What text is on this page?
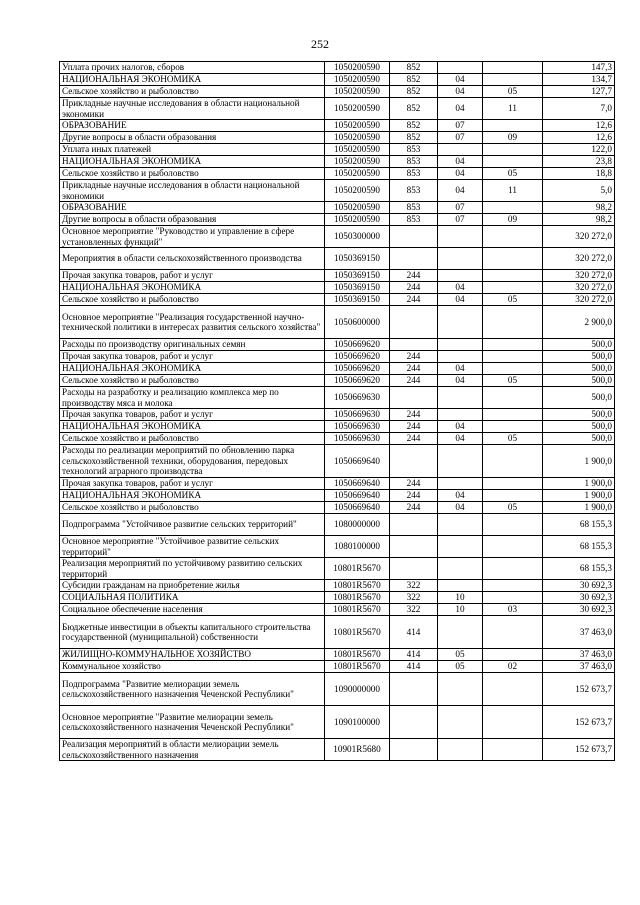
252
Уплата прочих налогов, сборов	1050200590	852			147,3
НАЦИОНАЛЬНАЯ ЭКОНОМИКА	1050200590	852	04		134,7
Сельское хозяйство и рыболовство	1050200590	852	04	05	127,7
Прикладные научные исследования в области национальной экономики	1050200590	852	04	11	7,0
ОБРАЗОВАНИЕ	1050200590	852	07		12,6
Другие вопросы в области образования	1050200590	852	07	09	12,6
Уплата иных платежей	1050200590	853			122,0
НАЦИОНАЛЬНАЯ ЭКОНОМИКА	1050200590	853	04		23,8
Сельское хозяйство и рыболовство	1050200590	853	04	05	18,8
Прикладные научные исследования в области национальной экономики	1050200590	853	04	11	5,0
ОБРАЗОВАНИЕ	1050200590	853	07		98,2
Другие вопросы в области образования	1050200590	853	07	09	98,2
Основное мероприятие "Руководство и управление в сфере установленных функций"	1050300000				320 272,0
Мероприятия в области сельскохозяйственного производства	1050369150				320 272,0
Прочая закупка товаров, работ и услуг	1050369150	244			320 272,0
НАЦИОНАЛЬНАЯ ЭКОНОМИКА	1050369150	244	04		320 272,0
Сельское хозяйство и рыболовство	1050369150	244	04	05	320 272,0
Основное мероприятие "Реализация государственной научно-технической политики в интересах развития сельского хозяйства"	1050600000				2 900,0
Расходы по производству оригинальных семян	1050669620				500,0
Прочая закупка товаров, работ и услуг	1050669620	244			500,0
НАЦИОНАЛЬНАЯ ЭКОНОМИКА	1050669620	244	04		500,0
Сельское хозяйство и рыболовство	1050669620	244	04	05	500,0
Расходы на разработку и реализацию комплекса мер по производству мяса и молока	1050669630				500,0
Прочая закупка товаров, работ и услуг	1050669630	244			500,0
НАЦИОНАЛЬНАЯ ЭКОНОМИКА	1050669630	244	04		500,0
Сельское хозяйство и рыболовство	1050669630	244	04	05	500,0
Расходы по реализации мероприятий по обновлению парка сельскохозяйственной техники, оборудования, передовых технологий аграрного производства	1050669640				1 900,0
Прочая закупка товаров, работ и услуг	1050669640	244			1 900,0
НАЦИОНАЛЬНАЯ ЭКОНОМИКА	1050669640	244	04		1 900,0
Сельское хозяйство и рыболовство	1050669640	244	04	05	1 900,0
Подпрограмма "Устойчивое развитие сельских территорий"	1080000000				68 155,3
Основное мероприятие "Устойчивое развитие сельских территорий"	1080100000				68 155,3
Реализация мероприятий по устойчивому развитию сельских территорий	10801R5670				68 155,3
Субсидии гражданам на приобретение жилья	10801R5670	322			30 692,3
СОЦИАЛЬНАЯ ПОЛИТИКА	10801R5670	322	10		30 692,3
Социальное обеспечение населения	10801R5670	322	10	03	30 692,3
Бюджетные инвестиции в объекты капитального строительства государственной (муниципальной) собственности	10801R5670	414			37 463,0
ЖИЛИЩНО-КОММУНАЛЬНОЕ ХОЗЯЙСТВО	10801R5670	414	05		37 463,0
Коммунальное хозяйство	10801R5670	414	05	02	37 463,0
Подпрограмма "Развитие мелиорации земель сельскохозяйственного назначения Чеченской Республики"	1090000000				152 673,7
Основное мероприятие "Развитие мелиорации земель сельскохозяйственного назначения Чеченской Республики"	1090100000				152 673,7
Реализация мероприятий в области мелиорации земель сельскохозяйственного назначения	10901R5680				152 673,7
